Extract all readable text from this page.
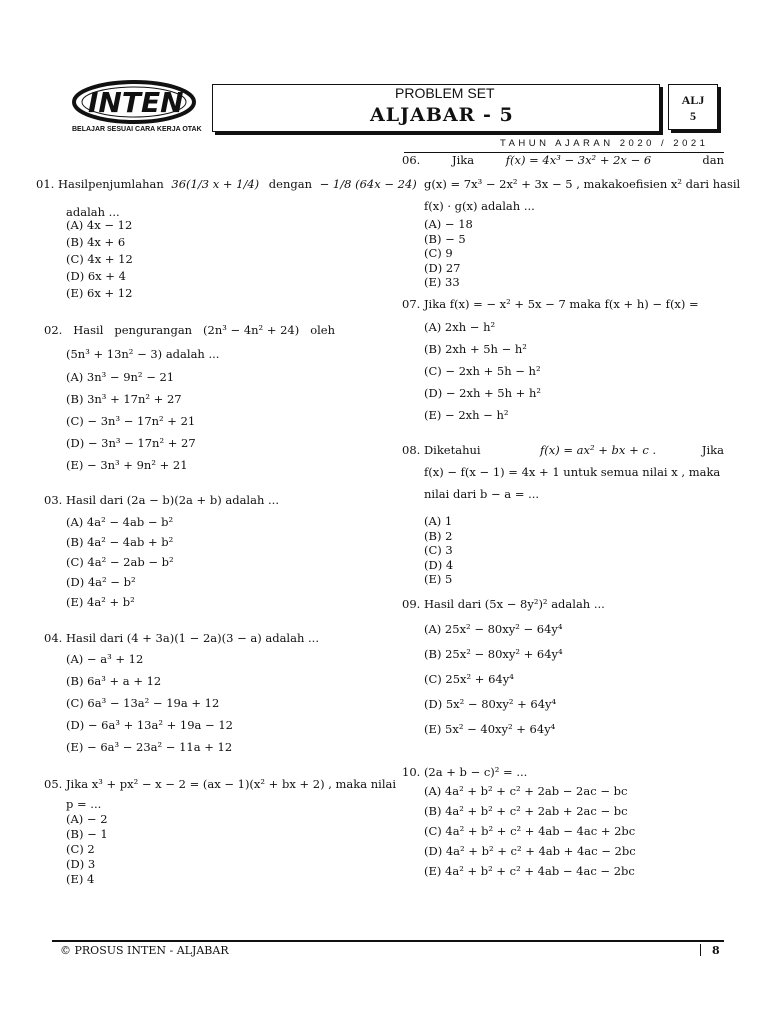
INTEN
BELAJAR SESUAI CARA KERJA OTAK
PROBLEM SET
ALJABAR - 5
ALJ
5
TAHUN AJARAN 2020 / 2021
01. Hasilpenjumlahan 36(1/3 x + 1/4) dengan − 1/8 (64x − 24)
adalah ...
(A) 4x − 12
(B) 4x + 6
(C) 4x + 12
(D) 6x + 4
(E) 6x + 12
02.   Hasil   pengurangan   (2n³ − 4n² + 24)   oleh
(5n³ + 13n² − 3) adalah ...
(A) 3n³ − 9n² − 21
(B) 3n³ + 17n² + 27
(C) − 3n³ − 17n² + 21
(D) − 3n³ − 17n² + 27
(E) − 3n³ + 9n² + 21
03. Hasil dari (2a − b)(2a + b) adalah ...
(A) 4a² − 4ab − b²
(B) 4a² − 4ab + b²
(C) 4a² − 2ab − b²
(D) 4a² − b²
(E) 4a² + b²
04. Hasil dari (4 + 3a)(1 − 2a)(3 − a) adalah ...
(A) − a³ + 12
(B) 6a³ + a + 12
(C) 6a³ − 13a² − 19a + 12
(D) − 6a³ + 13a² + 19a − 12
(E) − 6a³ − 23a² − 11a + 12
05. Jika x³ + px² − x − 2 = (ax − 1)(x² + bx + 2) , maka nilai
p = ...
(A) − 2
(B) − 1
(C) 2
(D) 3
(E) 4
06.	Jika	f(x) = 4x³ − 3x² + 2x − 6	dan
g(x) = 7x³ − 2x² + 3x − 5 , makakoefisien x² dari hasil
f(x) · g(x) adalah ...
(A) − 18
(B) − 5
(C) 9
(D) 27
(E) 33
07. Jika f(x) = − x² + 5x − 7 maka f(x + h) − f(x) =
(A) 2xh − h²
(B) 2xh + 5h − h²
(C) − 2xh + 5h − h²
(D) − 2xh + 5h + h²
(E) − 2xh − h²
08. Diketahui	f(x) = ax² + bx + c .	Jika
f(x) − f(x − 1) = 4x + 1 untuk semua nilai x , maka
nilai dari b − a = ...
(A) 1
(B) 2
(C) 3
(D) 4
(E) 5
09. Hasil dari (5x − 8y²)² adalah ...
(A) 25x² − 80xy² − 64y⁴
(B) 25x² − 80xy² + 64y⁴
(C) 25x² + 64y⁴
(D) 5x² − 80xy² + 64y⁴
(E) 5x² − 40xy² + 64y⁴
10. (2a + b − c)² = ...
(A) 4a² + b² + c² + 2ab − 2ac − bc
(B) 4a² + b² + c² + 2ab + 2ac − bc
(C) 4a² + b² + c² + 4ab − 4ac + 2bc
(D) 4a² + b² + c² + 4ab + 4ac − 2bc
(E) 4a² + b² + c² + 4ab − 4ac − 2bc
© PROSUS INTEN - ALJABAR	8
